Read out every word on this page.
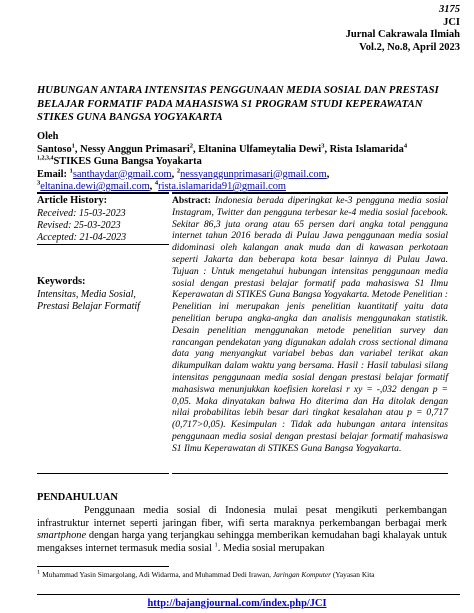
3175
JCI
Jurnal Cakrawala Ilmiah
Vol.2, No.8, April 2023
HUBUNGAN ANTARA INTENSITAS PENGGUNAAN MEDIA SOSIAL DAN PRESTASI BELAJAR FORMATIF PADA MAHASISWA S1 PROGRAM STUDI KEPERAWATAN STIKES GUNA BANGSA YOGYAKARTA
Oleh
Santoso$^1$, Nessy Anggun Primasari$^2$, Eltanina Ulfameytalia Dewi$^3$, Rista Islamarida$^4$
$^{1,2,3,4}$STIKES Guna Bangsa Yoyakarta
Email: $^1$santhaydar@gmail.com, $^2$nessyanggunprimasari@gmail.com,
$^3$eltanina.dewi@gmail.com, $^4$rista.islamarida91@gmail.com
Article History:
Received: 15-03-2023
Revised: 25-03-2023
Accepted: 21-04-2023
Keywords:
Intensitas, Media Sosial, Prestasi Belajar Formatif
Abstract: Indonesia berada diperingkat ke-3 pengguna media sosial Instagram, Twitter dan pengguna terbesar ke-4 media sosial facebook. Sekitar 86,3 juta orang atau 65 persen dari angka total pengguna internet tahun 2016 berada di Pulau Jawa penggunaan media sosial didominasi oleh kalangan anak muda dan di kawasan perkotaan seperti Jakarta dan beberapa kota besar lainnya di Pulau Jawa. Tujuan : Untuk mengetahui hubungan intensitas penggunaan media sosial dengan prestasi belajar formatif pada mahasiswa S1 Ilmu Keperawatan di STIKES Guna Bangsa Yogyakarta. Metode Penelitian : Penelitian ini merupakan jenis penelitian kuantitatif yaitu data penelitian berupa angka-angka dan analisis menggunakan statistik. Desain penelitian menggunakan metode penelitian survey dan rancangan pendekatan yang digunakan adalah cross sectional dimana data yang menyangkut variabel bebas dan variabel terikat akan dikumpulkan dalam waktu yang bersama. Hasil : Hasil tabulasi silang intensitas penggunaan media sosial dengan prestasi belajar formatif mahasiswa menunjukkan koefisien korelasi r xy = -,032 dengan p = 0,05. Maka dinyatakan bahwa Ho diterima dan Ha ditolak dengan nilai probabilitas lebih besar dari tingkat kesalahan atau p = 0,717 (0,717>0,05). Kesimpulan : Tidak ada hubungan antara intensitas penggunaan media sosial dengan prestasi belajar formatif mahasiswa S1 Ilmu Keperawatan di STIKES Guna Bangsa Yogyakarta.
PENDAHULUAN

Penggunaan media sosial di Indonesia mulai pesat mengikuti perkembangan infrastruktur internet seperti jaringan fiber, wifi serta maraknya perkembangan berbagai merk smartphone dengan harga yang terjangkau sehingga memberikan kemudahan bagi khalayak untuk mengakses internet termasuk media sosial $^1$. Media sosial merupakan

$^1$ Muhammad Yasin Simargolang, Adi Widarma, and Muhammad Dedi Irawan, Jaringan Komputer (Yayasan Kita
http://bajangjournal.com/index.php/JCI
